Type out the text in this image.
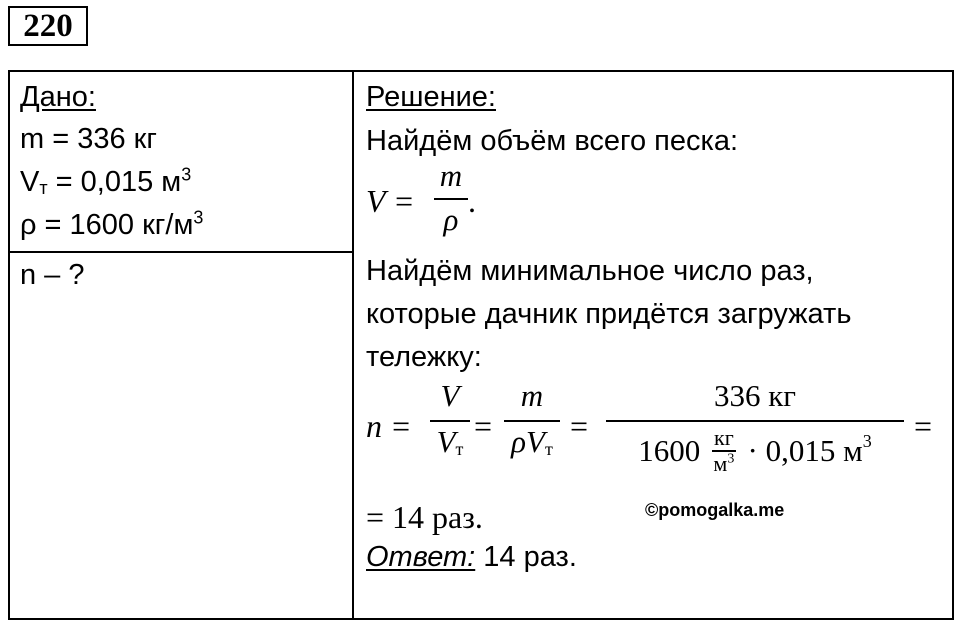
220
Дано:
m = 336 кг
$V_т = 0,015$ $м^3$
ρ = 1600 $кг/м^3$
n – ?
Решение:
Найдём объём всего песка:
V =
m
ρ
.
Найдём минимальное число раз,
которые дачник придётся загружать
тележку:
n =
V
$V_т$
=
m
$\rho V_т$
=
336 кг
1600 кг
$м^3 \cdot 0,015$ $м^3$	=
= 14 раз.
Ответ: 14 раз.
©pomogalka.me
